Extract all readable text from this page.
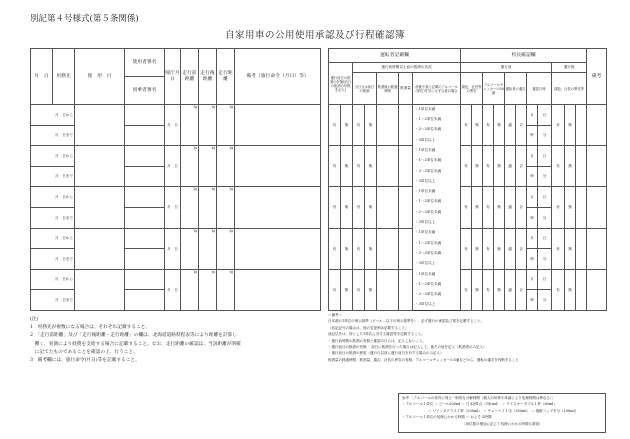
別記第４号様式(第５条関係)
自家用車の公用使用承認及び行程確認簿
月　日	用務先	使　用　目	使用者署名	帰庁月日	走行前距離	走行後距離	走行距離	備考（旅行命令（月日）等）
			同乗者署名					
月　日から				月　日	㎞	㎞	㎞	
月　日まで								
月　日から				月　日	㎞	㎞	㎞	
月　日まで								
月　日から				月　日	㎞	㎞	㎞	
月　日まで								
月　日から				月　日	㎞	㎞	㎞	
月　日まで								
月　日から				月　日	㎞	㎞	㎞	
月　日まで								
運転者記載欄							校長確認欄											備考
運行前日の飲酒の有無(前日の飲酒の有無を記入)		運行前時間以上前の飲酒の状況					運行前								運行後			
		当日又は前日の飲酒		飲酒後の経過時間	飲酒量	前後不覚に記載のアルコール(単位)を気にせず合意の場合	顔色、社長等の異変		アルコールチェッカーの50値		運転者の適否		確認日時		顔色、社長の異変等			
有	無	有	無			・1単位未満	有	無	有	無	適	否	月	日	有	無		
						・1～2単位未満												
						・2～3単位未満							時	分				
						・3単位以上												
有	無	有	無			・1単位未満	有	無	有	無	適	否	月	日	有	無		
						・1～2単位未満												
						・2～3単位未満							時	分				
						・3単位以上												
有	無	有	無			・1単位未満	有	無	有	無	適	否	月	日	有	無		
						・1～2単位未満												
						・2～3単位未満							時	分				
						・3単位以上												
有	無	有	無			・1単位未満	有	無	有	無	適	否	月	日	有	無		
						・1～2単位未満												
						・2～3単位未満							時	分				
						・3単位以上												
有	無	有	無			・1単位未満	有	無	有	無	適	否	月	日	有	無		
						・1～2単位未満												
						・2～3単位未満							時	分				
						・3単位以上												
(注)
1　用務先が複数になる場合は、それぞれ記載すること。
2　「走行前距離」及び「走行後距離・走行距離」の欄は、北海道道路料程表等により距離を計算し
　難く、実測により経費を支給する場合に記載すること。なお、走行距離の確認は、当該距離が明確
　に記てたものであることを確認の上、行うこと。
3　備考欄には、旅行命令(月日)等を記載すること。
＜備考＞
日本酒の1単位の例示基準（ビール…以下の例示基準を）、必ず運行の承認及び業を記載すること。
（前記記号の場合は、他の変更例は記載すること）
前記以外は、所とした1単位に対する確認等を記載すること。
・運行前時間の飲酒の有無と確認の日には、記入しないこと。
・運行前日の飲酒の有無 ：前日に飲酒を行った場合は記入して、後その他を記入（飲酒者のみ記入）
・運行前日の飲酒の程度（運行日以前に運行前日を有する場合のみ記入）
飲酒量の経過時間、飲酒量、適否、社長の異変の有無、アルコールチェッカーの5値などから、運転の適否を判断すること
参考 〔アルコールの体内に残る一般的な分解時間（個人の体質や体調により処理時間は異なる）〕
・アルコール１単位 ＝ ビール500ml ＝ 日本酒1合（180ml） ＝ ウイスキーダブル１杯（60ml）
＝ ワインタグラス２杯（200ml） ＝ チューハイ１缶（350ml） ＝ 焼酎コップ半分（100ml）
・アルコール１単位の処理にかかる時間 ～ およそ４時間
〔単位数の増加に応じて処理にかかる時間も増加〕
